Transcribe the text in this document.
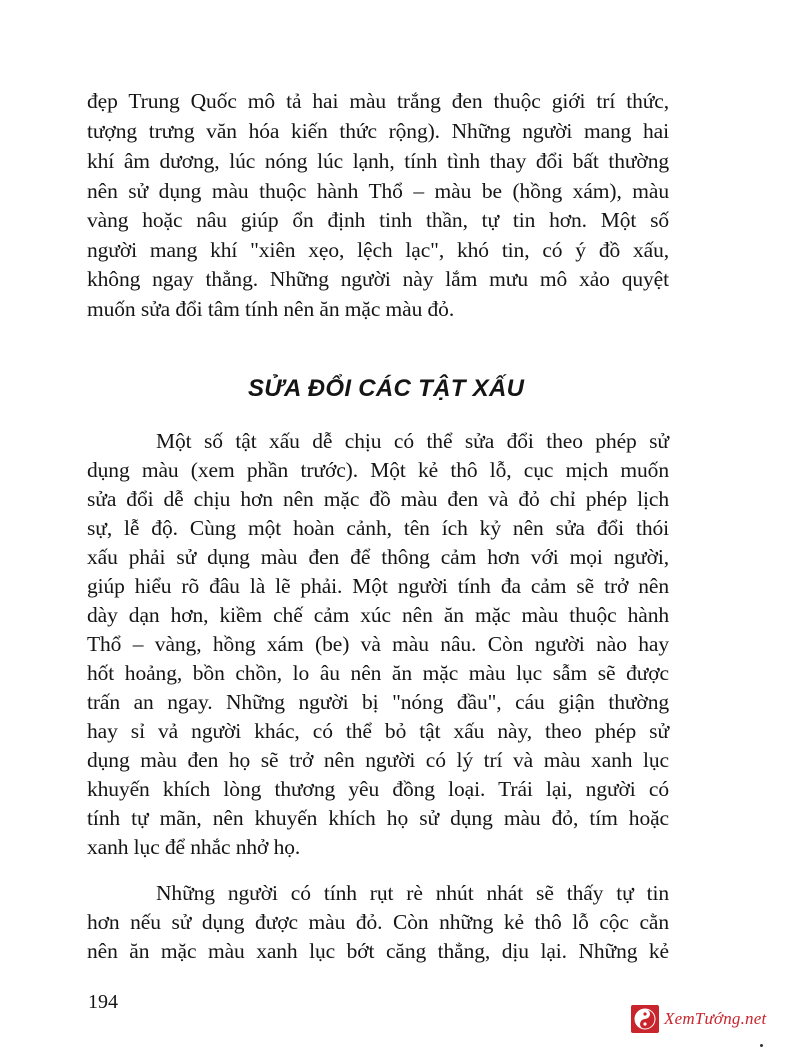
đẹp Trung Quốc mô tả hai màu trắng đen thuộc giới trí thức,
tượng trưng văn hóa kiến thức rộng). Những người mang hai
khí âm dương, lúc nóng lúc lạnh, tính tình thay đổi bất thường
nên sử dụng màu thuộc hành Thổ – màu be (hồng xám), màu
vàng hoặc nâu giúp ổn định tinh thần, tự tin hơn. Một số
người mang khí "xiên xẹo, lệch lạc", khó tin, có ý đồ xấu,
không ngay thẳng. Những người này lắm mưu mô xảo quyệt
muốn sửa đổi tâm tính nên ăn mặc màu đỏ.
SỬA ĐỔI CÁC TẬT XẤU
Một số tật xấu dễ chịu có thể sửa đổi theo phép sử
dụng màu (xem phần trước). Một kẻ thô lỗ, cục mịch muốn
sửa đổi dễ chịu hơn nên mặc đồ màu đen và đỏ chỉ phép lịch
sự, lễ độ. Cùng một hoàn cảnh, tên ích kỷ nên sửa đổi thói
xấu phải sử dụng màu đen để thông cảm hơn với mọi người,
giúp hiểu rõ đâu là lẽ phải. Một người tính đa cảm sẽ trở nên
dày dạn hơn, kiềm chế cảm xúc nên ăn mặc màu thuộc hành
Thổ – vàng, hồng xám (be) và màu nâu. Còn người nào hay
hốt hoảng, bồn chồn, lo âu nên ăn mặc màu lục sẫm sẽ được
trấn an ngay. Những người bị "nóng đầu", cáu giận thường
hay sỉ vả người khác, có thể bỏ tật xấu này, theo phép sử
dụng màu đen họ sẽ trở nên người có lý trí và màu xanh lục
khuyến khích lòng thương yêu đồng loại. Trái lại, người có
tính tự mãn, nên khuyến khích họ sử dụng màu đỏ, tím hoặc
xanh lục để nhắc nhở họ.
Những người có tính rụt rè nhút nhát sẽ thấy tự tin
hơn nếu sử dụng được màu đỏ. Còn những kẻ thô lỗ cộc cằn
nên ăn mặc màu xanh lục bớt căng thẳng, dịu lại. Những kẻ
194
XemTướng.net
